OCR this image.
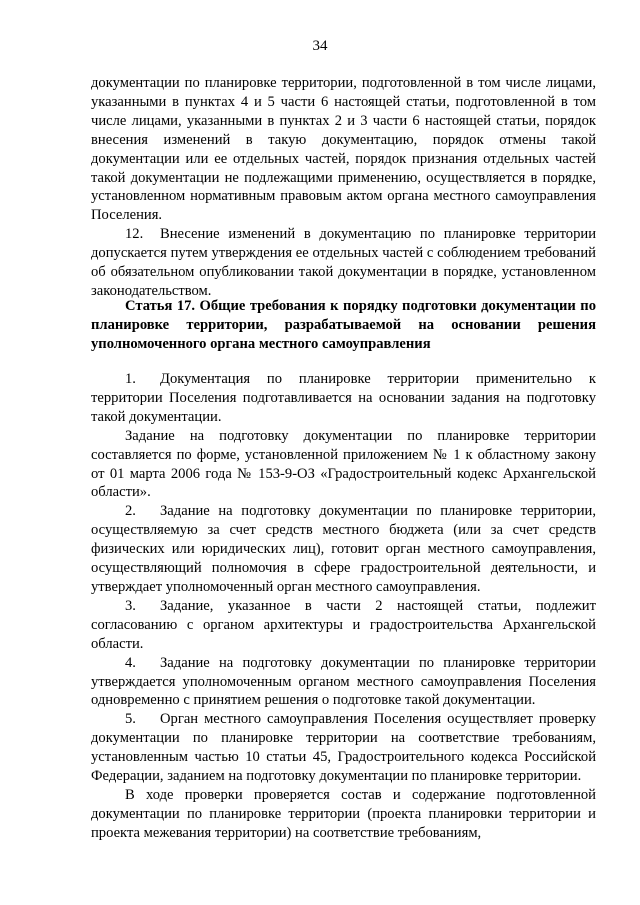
34

документации по планировке территории, подготовленной в том числе лицами, указанными в пунктах 4 и 5 части 6 настоящей статьи, подготовленной в том числе лицами, указанными в пунктах 2 и 3 части 6 настоящей статьи, порядок внесения изменений в такую документацию, порядок отмены такой документации или ее отдельных частей, порядок признания отдельных частей такой документации не подлежащими применению, осуществляется в порядке, установленном нормативным правовым актом органа местного самоуправления Поселения.

12. Внесение изменений в документацию по планировке территории допускается путем утверждения ее отдельных частей с соблюдением требований об обязательном опубликовании такой документации в порядке, установленном законодательством.

Статья 17. Общие требования к порядку подготовки документации по планировке территории, разрабатываемой на основании решения уполномоченного органа местного самоуправления

1. Документация по планировке территории применительно к территории Поселения подготавливается на основании задания на подготовку такой документации.

Задание на подготовку документации по планировке территории составляется по форме, установленной приложением № 1 к областному закону от 01 марта 2006 года № 153-9-ОЗ «Градостроительный кодекс Архангельской области».

2. Задание на подготовку документации по планировке территории, осуществляемую за счет средств местного бюджета (или за счет средств физических или юридических лиц), готовит орган местного самоуправления, осуществляющий полномочия в сфере градостроительной деятельности, и утверждает уполномоченный орган местного самоуправления.

3. Задание, указанное в части 2 настоящей статьи, подлежит согласованию с органом архитектуры и градостроительства Архангельской области.

4. Задание на подготовку документации по планировке территории утверждается уполномоченным органом местного самоуправления Поселения одновременно с принятием решения о подготовке такой документации.

5. Орган местного самоуправления Поселения осуществляет проверку документации по планировке территории на соответствие требованиям, установленным частью 10 статьи 45, Градостроительного кодекса Российской Федерации, заданием на подготовку документации по планировке территории.

В ходе проверки проверяется состав и содержание подготовленной документации по планировке территории (проекта планировки территории и проекта межевания территории) на соответствие требованиям,
